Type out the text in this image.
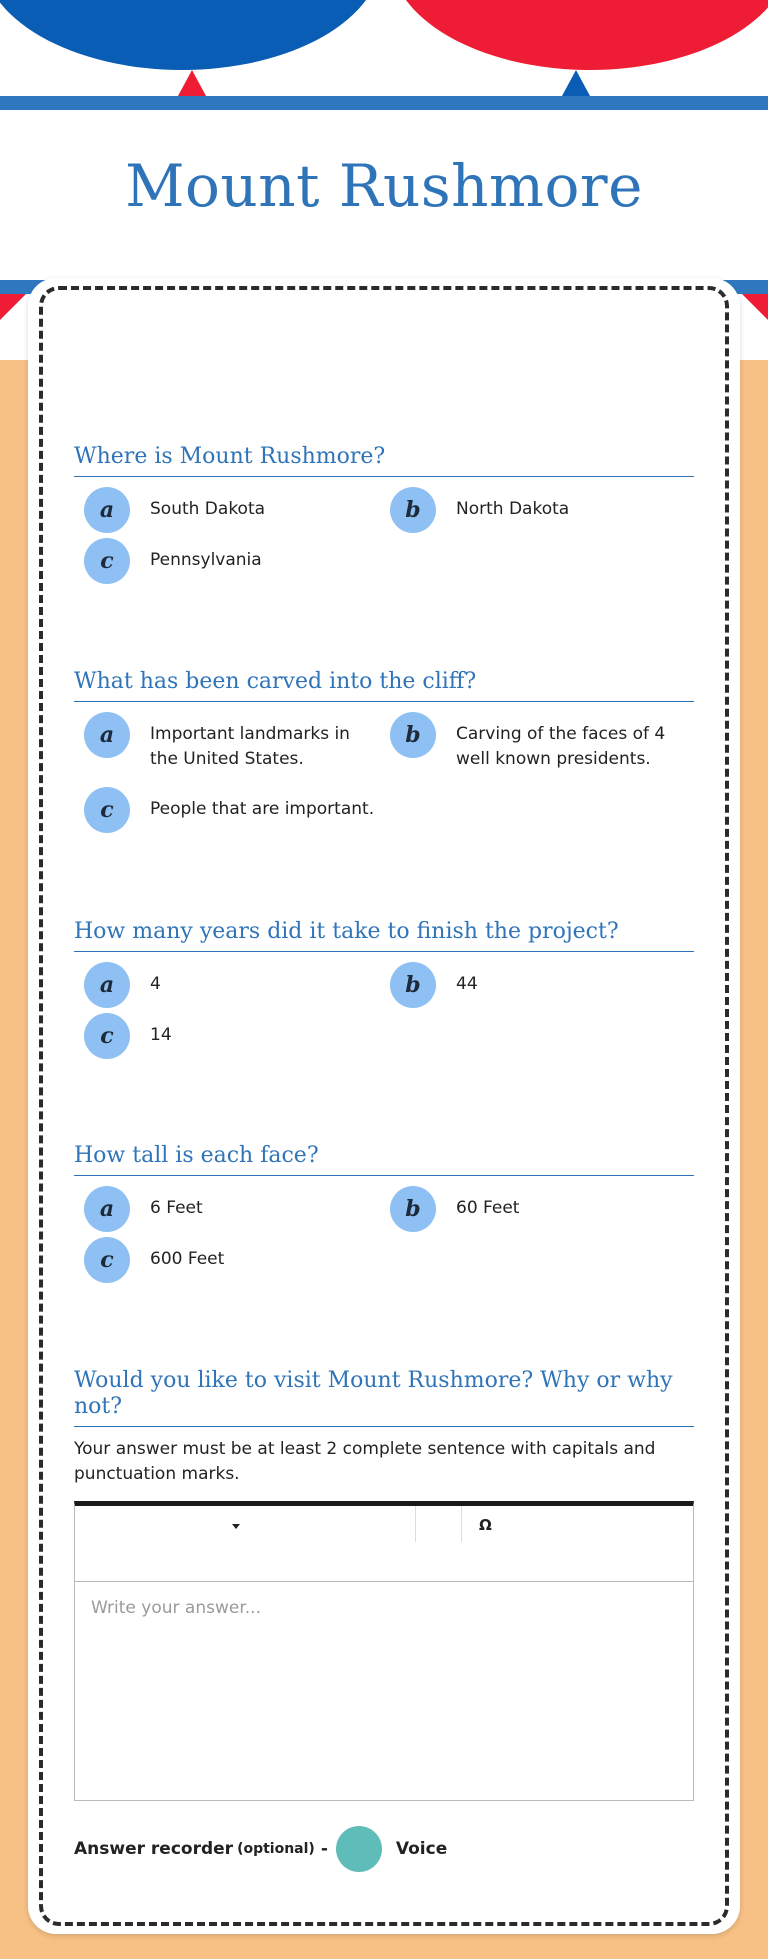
Mount Rushmore
Where is Mount Rushmore?
a	South Dakota	b	North Dakota
c	Pennsylvania
What has been carved into the cliff?
a	Important landmarks in the United States.
b	Carving of the faces of 4 well known presidents.
c	People that are important.
How many years did it take to finish the project?
a	4	b	44
c	14
How tall is each face?
a	6 Feet	b	60 Feet
c	600 Feet
Would you like to visit Mount Rushmore? Why or why not?

Your answer must be at least 2 complete sentence with capitals and punctuation marks.

Ω
Write your answer...
Answer recorder (optional) -	Voice
